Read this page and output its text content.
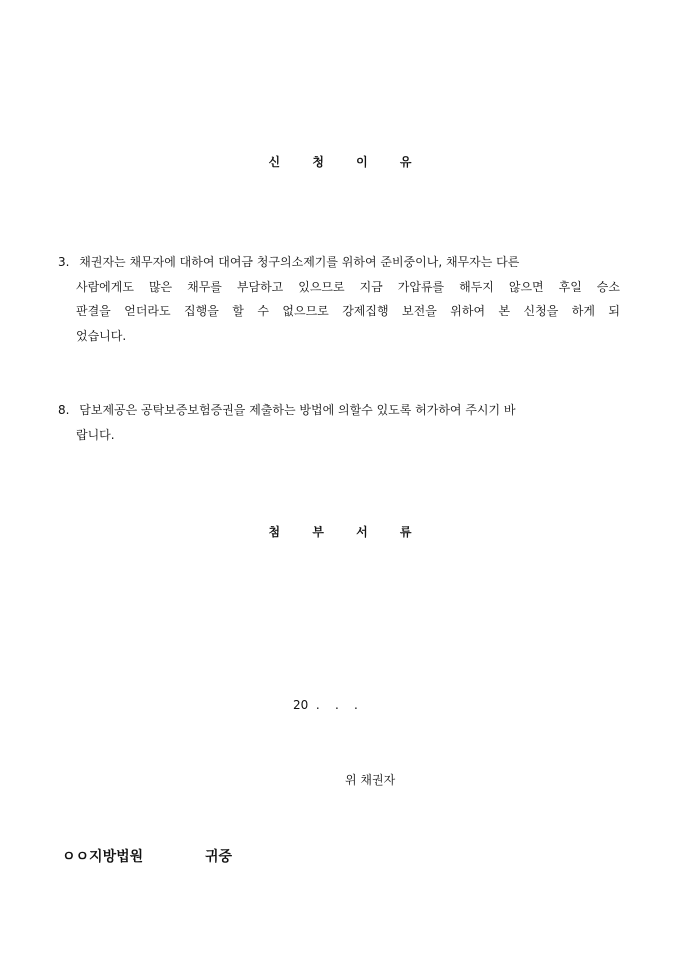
신 청 이 유
3. 채권자는 채무자에 대하여 대여금 청구의소제기를 위하여 준비중이나, 채무자는 다른
사람에게도 많은 채무를 부담하고 있으므로 지금 가압류를 해두지 않으면 후일 승소
판결을 얻더라도 집행을 할 수 없으므로 강제집행 보전을 위하여 본 신청을 하게 되
었습니다.
8. 담보제공은 공탁보증보험증권을 제출하는 방법에 의할수 있도록 허가하여 주시기 바
랍니다.
첨 부 서 류
20  .    .    .
위 채권자
ㅇㅇ지방법원	귀중
